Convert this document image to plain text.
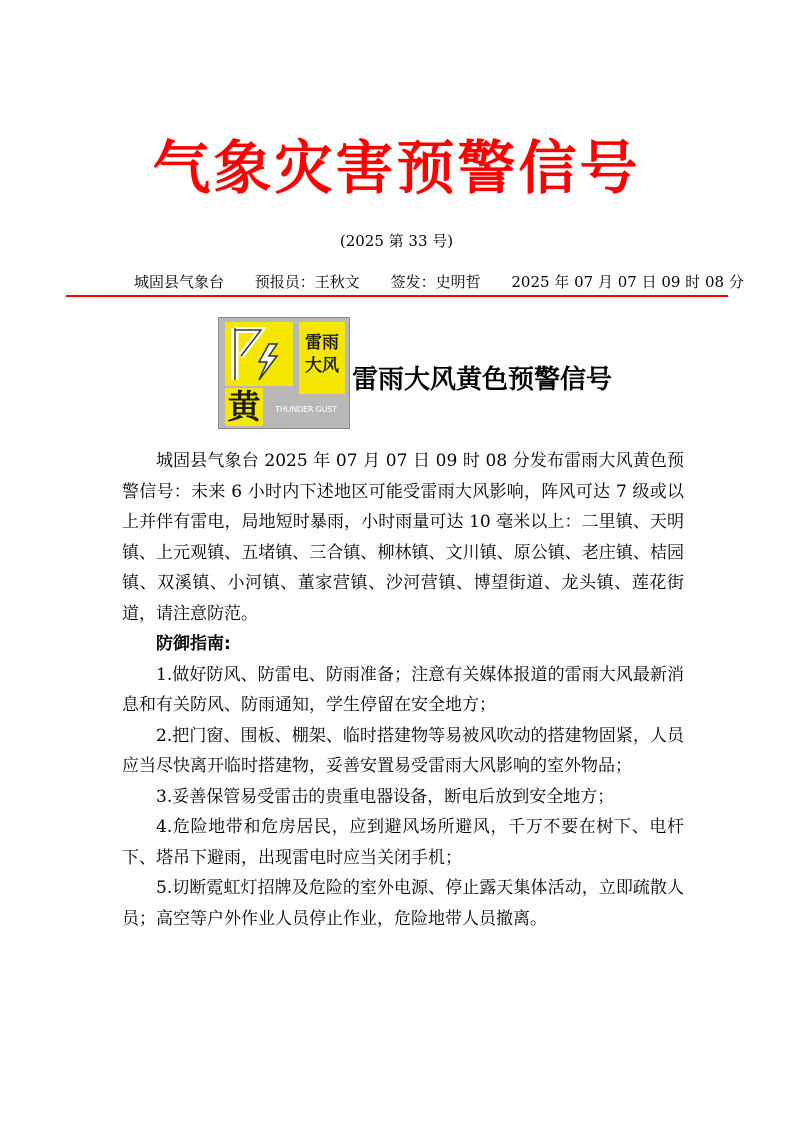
气象灾害预警信号
(2025 第 33 号)
城固县气象台 预报员：王秋文 签发：史明哲 2025 年 07 月 07 日 09 时 08 分
雷雨
大风
黄	THUNDER GUST
雷雨大风黄色预警信号

城固县气象台 2025 年 07 月 07 日 09 时 08 分发布雷雨大风黄色预警信号：未来 6 小时内下述地区可能受雷雨大风影响，阵风可达 7 级或以上并伴有雷电，局地短时暴雨，小时雨量可达 10 毫米以上：二里镇、天明镇、上元观镇、五堵镇、三合镇、柳林镇、文川镇、原公镇、老庄镇、桔园镇、双溪镇、小河镇、董家营镇、沙河营镇、博望街道、龙头镇、莲花街道，请注意防范。

防御指南:

1.做好防风、防雷电、防雨准备；注意有关媒体报道的雷雨大风最新消息和有关防风、防雨通知，学生停留在安全地方；

2.把门窗、围板、棚架、临时搭建物等易被风吹动的搭建物固紧，人员应当尽快离开临时搭建物，妥善安置易受雷雨大风影响的室外物品；

3.妥善保管易受雷击的贵重电器设备，断电后放到安全地方；

4.危险地带和危房居民，应到避风场所避风，千万不要在树下、电杆下、塔吊下避雨，出现雷电时应当关闭手机；

5.切断霓虹灯招牌及危险的室外电源、停止露天集体活动，立即疏散人员；高空等户外作业人员停止作业，危险地带人员撤离。
